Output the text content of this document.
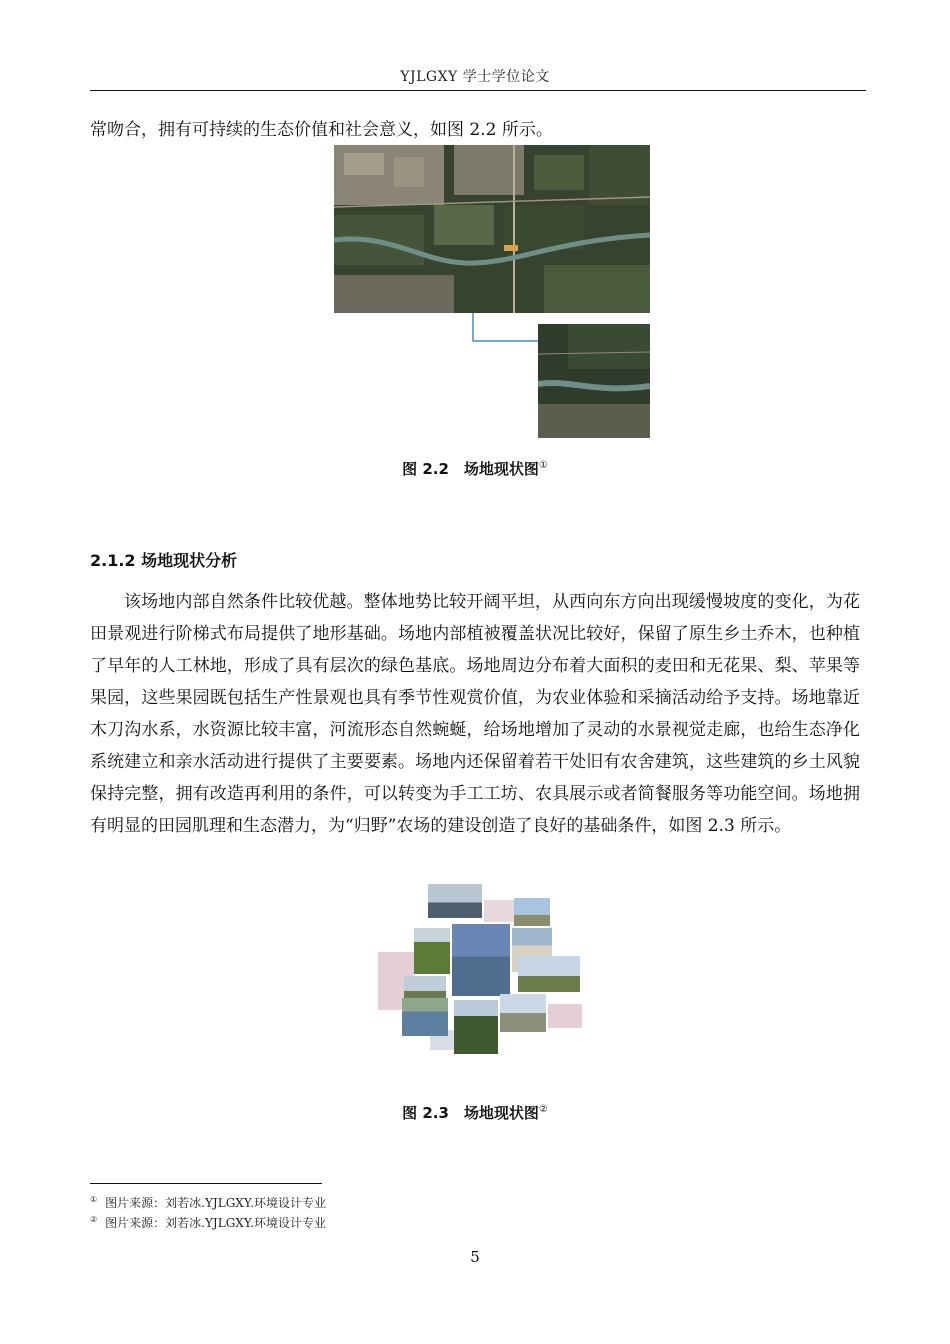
YJLGXY 学士学位论文

常吻合，拥有可持续的生态价值和社会意义，如图 2.2 所示。

图 2.2　场地现状图①
2.1.2 场地现状分析

该场地内部自然条件比较优越。整体地势比较开阔平坦，从西向东方向出现缓慢坡度的变化，为花田景观进行阶梯式布局提供了地形基础。场地内部植被覆盖状况比较好，保留了原生乡土乔木，也种植了早年的人工林地，形成了具有层次的绿色基底。场地周边分布着大面积的麦田和无花果、梨、苹果等果园，这些果园既包括生产性景观也具有季节性观赏价值，为农业体验和采摘活动给予支持。场地靠近木刀沟水系，水资源比较丰富，河流形态自然蜿蜒，给场地增加了灵动的水景视觉走廊，也给生态净化系统建立和亲水活动进行提供了主要要素。场地内还保留着若干处旧有农舍建筑，这些建筑的乡土风貌保持完整，拥有改造再利用的条件，可以转变为手工工坊、农具展示或者简餐服务等功能空间。场地拥有明显的田园肌理和生态潜力，为“归野”农场的建设创造了良好的基础条件，如图 2.3 所示。

图 2.3　场地现状图②
① 图片来源：刘若冰.YJLGXY.环境设计专业
② 图片来源：刘若冰.YJLGXY.环境设计专业
5
